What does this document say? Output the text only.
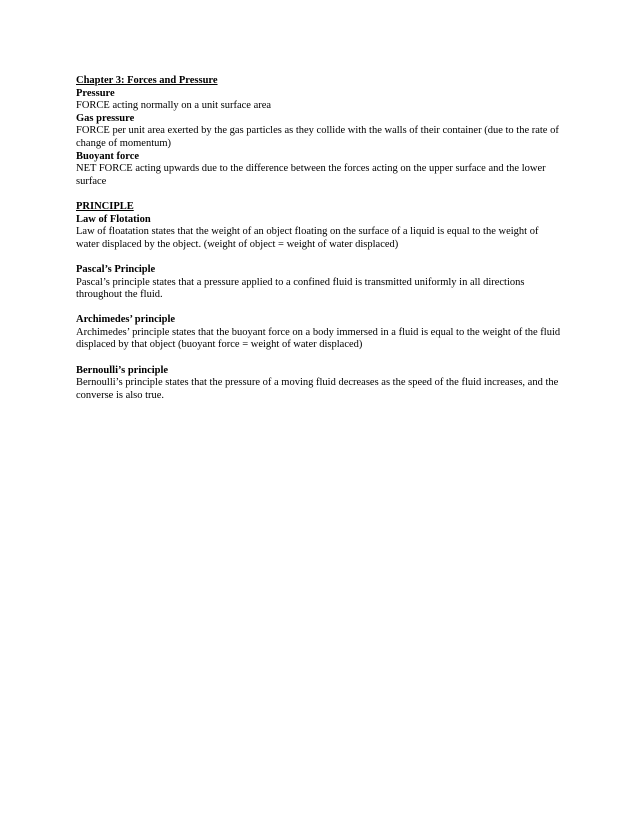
Chapter 3: Forces and Pressure

Pressure

FORCE acting normally on a unit surface area

Gas pressure

FORCE per unit area exerted by the gas particles as they collide with the walls of their container (due to the rate of change of momentum)

Buoyant force

NET FORCE acting upwards due to the difference between the forces acting on the upper surface and the lower surface

PRINCIPLE

Law of Flotation

Law of floatation states that the weight of an object floating on the surface of a liquid is equal to the weight of water displaced by the object. (weight of object = weight of water displaced)

Pascal’s Principle

Pascal’s principle states that a pressure applied to a confined fluid is transmitted uniformly in all directions throughout the fluid.

Archimedes’ principle

Archimedes’ principle states that the buoyant force on a body immersed in a fluid is equal to the weight of the fluid displaced by that object (buoyant force = weight of water displaced)

Bernoulli’s principle

Bernoulli’s principle states that the pressure of a moving fluid decreases as the speed of the fluid increases, and the converse is also true.
